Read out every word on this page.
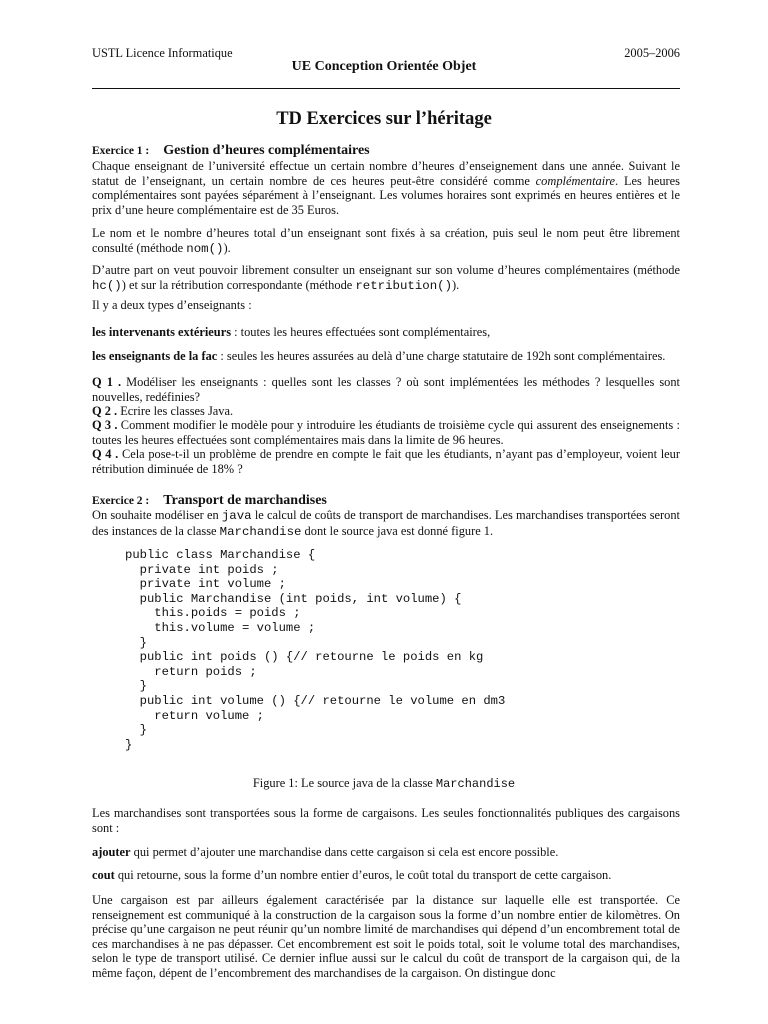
USTL Licence Informatique	2005–2006
UE Conception Orientée Objet
TD Exercices sur l’héritage
Exercice 1 : Gestion d’heures complémentaires
Chaque enseignant de l’université effectue un certain nombre d’heures d’enseignement dans une année. Suivant le statut de l’enseignant, un certain nombre de ces heures peut-être considéré comme complémentaire. Les heures complémentaires sont payées séparément à l’enseignant. Les volumes horaires sont exprimés en heures entières et le prix d’une heure complémentaire est de 35 Euros.
Le nom et le nombre d’heures total d’un enseignant sont fixés à sa création, puis seul le nom peut être librement consulté (méthode nom()).
D’autre part on veut pouvoir librement consulter un enseignant sur son volume d’heures complémentaires (méthode hc()) et sur la rétribution correspondante (méthode retribution()).
Il y a deux types d’enseignants :
les intervenants extérieurs : toutes les heures effectuées sont complémentaires,
les enseignants de la fac : seules les heures assurées au delà d’une charge statutaire de 192h sont complémentaires.
Q 1 . Modéliser les enseignants : quelles sont les classes ? où sont implémentées les méthodes ? lesquelles sont nouvelles, redéfinies?
Q 2 . Ecrire les classes Java.
Q 3 . Comment modifier le modèle pour y introduire les étudiants de troisième cycle qui assurent des enseignements : toutes les heures effectuées sont complémentaires mais dans la limite de 96 heures.
Q 4 . Cela pose-t-il un problème de prendre en compte le fait que les étudiants, n’ayant pas d’employeur, voient leur rétribution diminuée de 18% ?
Exercice 2 : Transport de marchandises
On souhaite modéliser en java le calcul de coûts de transport de marchandises. Les marchandises transportées seront des instances de la classe Marchandise dont le source java est donné figure 1.
public class Marchandise {
private int poids ;
private int volume ;
public Marchandise (int poids, int volume) {
this.poids = poids ;
this.volume = volume ;
}
public int poids () {// retourne le poids en kg
return poids ;
}
public int volume () {// retourne le volume en dm3
return volume ;
}
}
Figure 1: Le source java de la classe Marchandise
Les marchandises sont transportées sous la forme de cargaisons. Les seules fonctionnalités publiques des cargaisons sont :
ajouter qui permet d’ajouter une marchandise dans cette cargaison si cela est encore possible.
cout qui retourne, sous la forme d’un nombre entier d’euros, le coût total du transport de cette cargaison.
Une cargaison est par ailleurs également caractérisée par la distance sur laquelle elle est transportée. Ce renseignement est communiqué à la construction de la cargaison sous la forme d’un nombre entier de kilomètres. On précise qu’une cargaison ne peut réunir qu’un nombre limité de marchandises qui dépend d’un encombrement total de ces marchandises à ne pas dépasser. Cet encombrement est soit le poids total, soit le volume total des marchandises, selon le type de transport utilisé. Ce dernier influe aussi sur le calcul du coût de transport de la cargaison qui, de la même façon, dépent de l’encombrement des marchandises de la cargaison. On distingue donc
